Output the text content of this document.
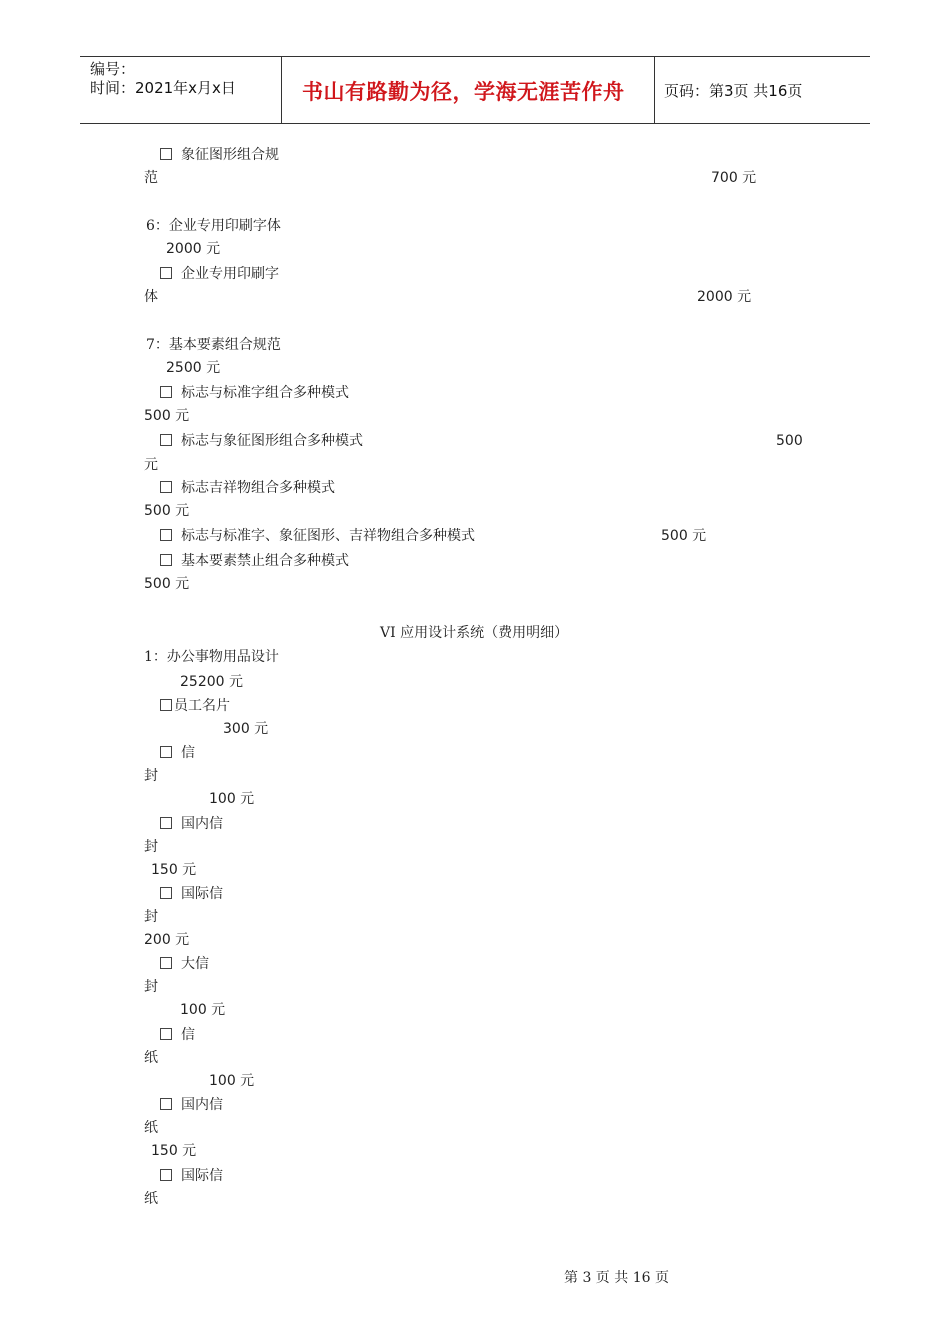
编号：
时间：2021年x月x日	书山有路勤为径，学海无涯苦作舟	页码：第3页 共16页
象征图形组合规
范	700 元
6：企业专用印刷字体
2000 元
企业专用印刷字
体	2000 元
7：基本要素组合规范
2500 元
标志与标准字组合多种模式
500 元
标志与象征图形组合多种模式	500
元
标志吉祥物组合多种模式
500 元
标志与标准字、象征图形、吉祥物组合多种模式	500 元
基本要素禁止组合多种模式
500 元
VI 应用设计系统（费用明细）
1：办公事物用品设计
25200 元
员工名片
300 元
信
封
100 元
国内信
封
150 元
国际信
封
200 元
大信
封
100 元
信
纸
100 元
国内信
纸
150 元
国际信
纸
第 3 页 共 16 页
